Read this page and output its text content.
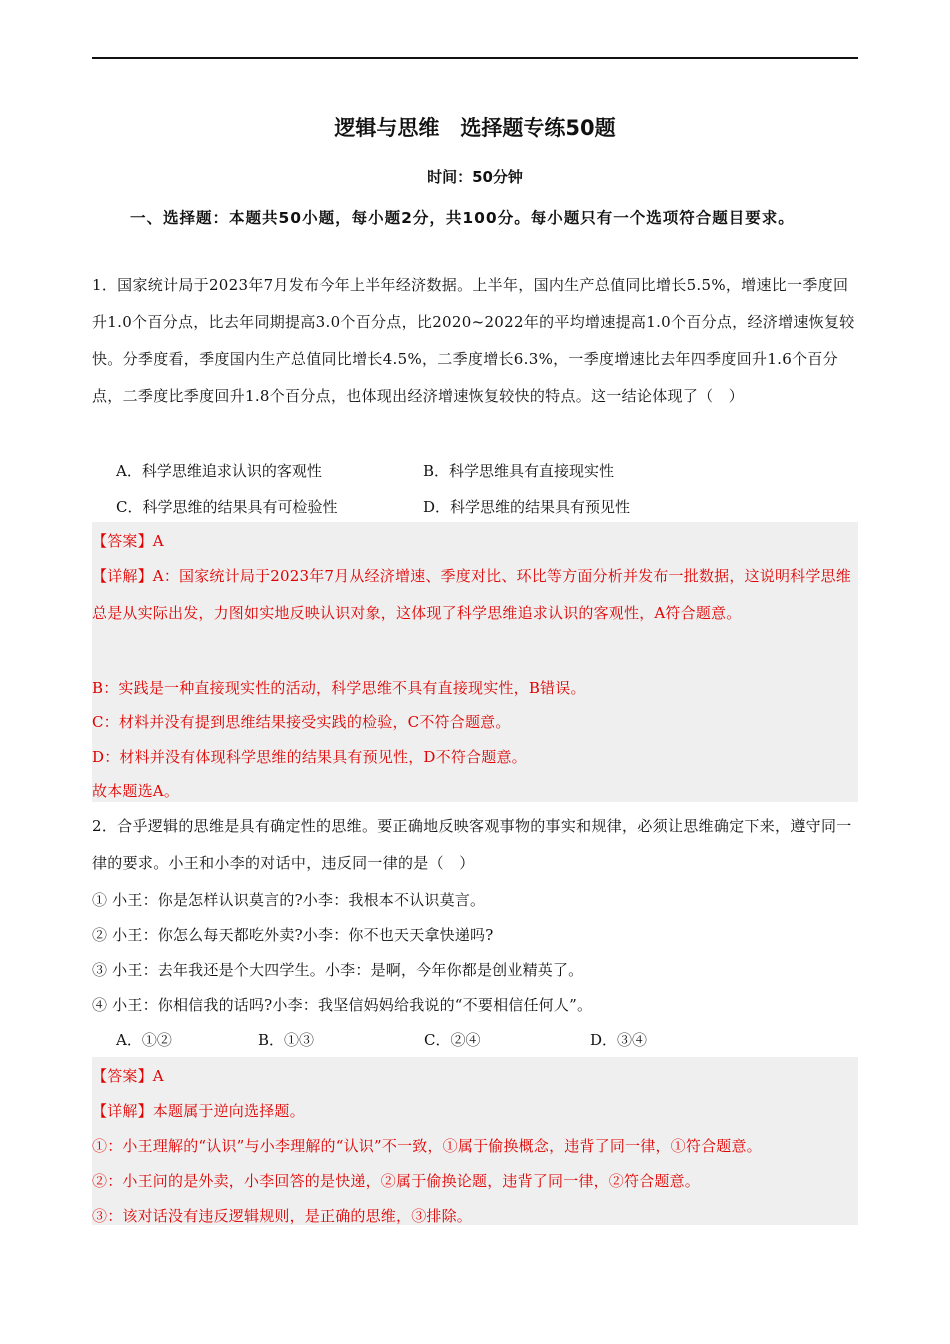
逻辑与思维　选择题专练50题
时间：50分钟
一、选择题：本题共50小题，每小题2分，共100分。每小题只有一个选项符合题目要求。
1．国家统计局于2023年7月发布今年上半年经济数据。上半年，国内生产总值同比增长5.5%，增速比一季度回升1.0个百分点，比去年同期提高3.0个百分点，比2020~2022年的平均增速提高1.0个百分点，经济增速恢复较快。分季度看，季度国内生产总值同比增长4.5%，二季度增长6.3%，一季度增速比去年四季度回升1.6个百分点，二季度比季度回升1.8个百分点，也体现出经济增速恢复较快的特点。这一结论体现了（　）
A．科学思维追求认识的客观性	B．科学思维具有直接现实性
C．科学思维的结果具有可检验性	D．科学思维的结果具有预见性
【答案】A
【详解】A：国家统计局于2023年7月从经济增速、季度对比、环比等方面分析并发布一批数据，这说明科学思维总是从实际出发，力图如实地反映认识对象，这体现了科学思维追求认识的客观性，A符合题意。
B：实践是一种直接现实性的活动，科学思维不具有直接现实性，B错误。
C：材料并没有提到思维结果接受实践的检验，C不符合题意。
D：材料并没有体现科学思维的结果具有预见性，D不符合题意。
故本题选A。
2．合乎逻辑的思维是具有确定性的思维。要正确地反映客观事物的事实和规律，必须让思维确定下来，遵守同一律的要求。小王和小李的对话中，违反同一律的是（　）
① 小王：你是怎样认识莫言的?小李：我根本不认识莫言。
② 小王：你怎么每天都吃外卖?小李：你不也天天拿快递吗?
③ 小王：去年我还是个大四学生。小李：是啊，今年你都是创业精英了。
④ 小王：你相信我的话吗?小李：我坚信妈妈给我说的“不要相信任何人”。
A．①②	B．①③	C．②④	D．③④
【答案】A
【详解】本题属于逆向选择题。
①：小王理解的“认识”与小李理解的“认识”不一致，①属于偷换概念，违背了同一律，①符合题意。
②：小王问的是外卖，小李回答的是快递，②属于偷换论题，违背了同一律，②符合题意。
③：该对话没有违反逻辑规则，是正确的思维，③排除。
